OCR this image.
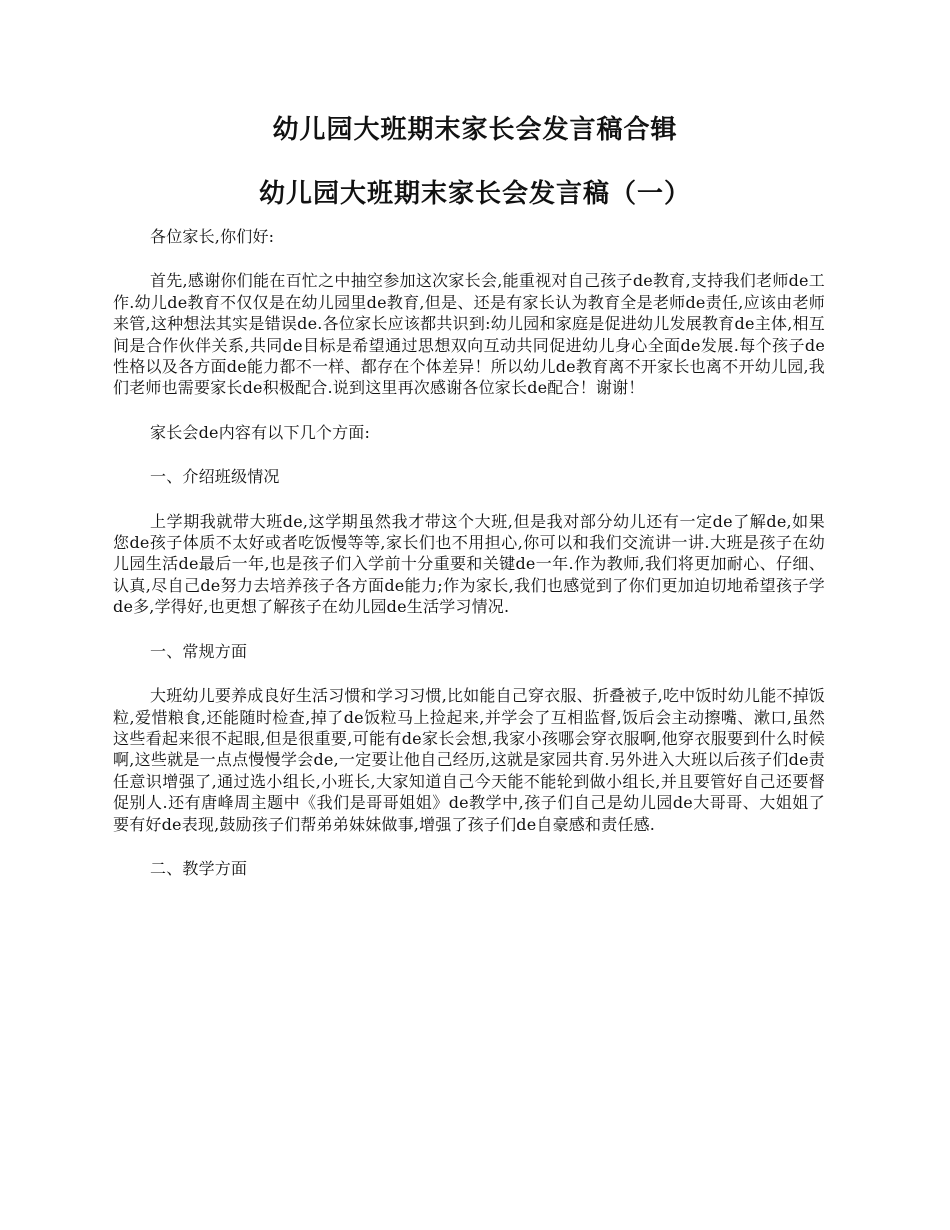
幼儿园大班期末家长会发言稿合辑
幼儿园大班期末家长会发言稿（一）

各位家长,你们好:

首先,感谢你们能在百忙之中抽空参加这次家长会,能重视对自己孩子de教育,支持我们老师de工作.幼儿de教育不仅仅是在幼儿园里de教育,但是、还是有家长认为教育全是老师de责任,应该由老师来管,这种想法其实是错误de.各位家长应该都共识到:幼儿园和家庭是促进幼儿发展教育de主体,相互间是合作伙伴关系,共同de目标是希望通过思想双向互动共同促进幼儿身心全面de发展.每个孩子de性格以及各方面de能力都不一样、都存在个体差异！所以幼儿de教育离不开家长也离不开幼儿园,我们老师也需要家长de积极配合.说到这里再次感谢各位家长de配合！谢谢！

家长会de内容有以下几个方面:

一、介绍班级情况

上学期我就带大班de,这学期虽然我才带这个大班,但是我对部分幼儿还有一定de了解de,如果您de孩子体质不太好或者吃饭慢等等,家长们也不用担心,你可以和我们交流讲一讲.大班是孩子在幼儿园生活de最后一年,也是孩子们入学前十分重要和关键de一年.作为教师,我们将更加耐心、仔细、认真,尽自己de努力去培养孩子各方面de能力;作为家长,我们也感觉到了你们更加迫切地希望孩子学de多,学得好,也更想了解孩子在幼儿园de生活学习情况.

一、常规方面

大班幼儿要养成良好生活习惯和学习习惯,比如能自己穿衣服、折叠被子,吃中饭时幼儿能不掉饭粒,爱惜粮食,还能随时检查,掉了de饭粒马上捡起来,并学会了互相监督,饭后会主动擦嘴、漱口,虽然这些看起来很不起眼,但是很重要,可能有de家长会想,我家小孩哪会穿衣服啊,他穿衣服要到什么时候啊,这些就是一点点慢慢学会de,一定要让他自己经历,这就是家园共育.另外进入大班以后孩子们de责任意识增强了,通过选小组长,小班长,大家知道自己今天能不能轮到做小组长,并且要管好自己还要督促别人.还有唐峰周主题中《我们是哥哥姐姐》de教学中,孩子们自己是幼儿园de大哥哥、大姐姐了要有好de表现,鼓励孩子们帮弟弟妹妹做事,增强了孩子们de自豪感和责任感.

二、教学方面
